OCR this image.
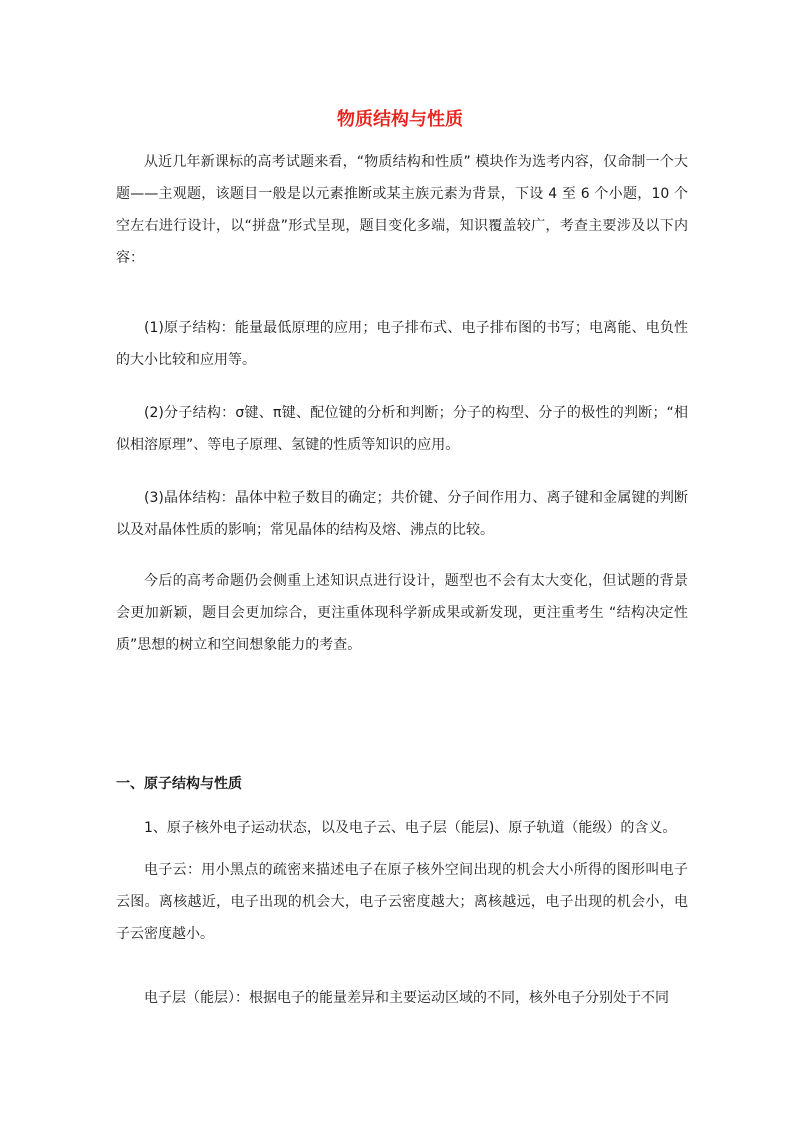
物质结构与性质

从近几年新课标的高考试题来看，“物质结构和性质” 模块作为选考内容，仅命制一个大题——主观题，该题目一般是以元素推断或某主族元素为背景，下设 4 至 6 个小题，10 个空左右进行设计，以“拼盘”形式呈现，题目变化多端，知识覆盖较广，考查主要涉及以下内容：

(1)原子结构：能量最低原理的应用；电子排布式、电子排布图的书写；电离能、电负性的大小比较和应用等。

(2)分子结构：σ键、π键、配位键的分析和判断；分子的构型、分子的极性的判断；“相似相溶原理”、等电子原理、氢键的性质等知识的应用。

(3)晶体结构：晶体中粒子数目的确定；共价键、分子间作用力、离子键和金属键的判断以及对晶体性质的影响；常见晶体的结构及熔、沸点的比较。

今后的高考命题仍会侧重上述知识点进行设计，题型也不会有太大变化，但试题的背景会更加新颖，题目会更加综合，更注重体现科学新成果或新发现，更注重考生 “结构决定性质”思想的树立和空间想象能力的考查。

一、原子结构与性质

1、原子核外电子运动状态，以及电子云、电子层（能层)、原子轨道（能级）的含义。

电子云：用小黑点的疏密来描述电子在原子核外空间出现的机会大小所得的图形叫电子云图。离核越近，电子出现的机会大，电子云密度越大；离核越远，电子出现的机会小，电子云密度越小。

电子层（能层）：根据电子的能量差异和主要运动区域的不同，核外电子分别处于不同
